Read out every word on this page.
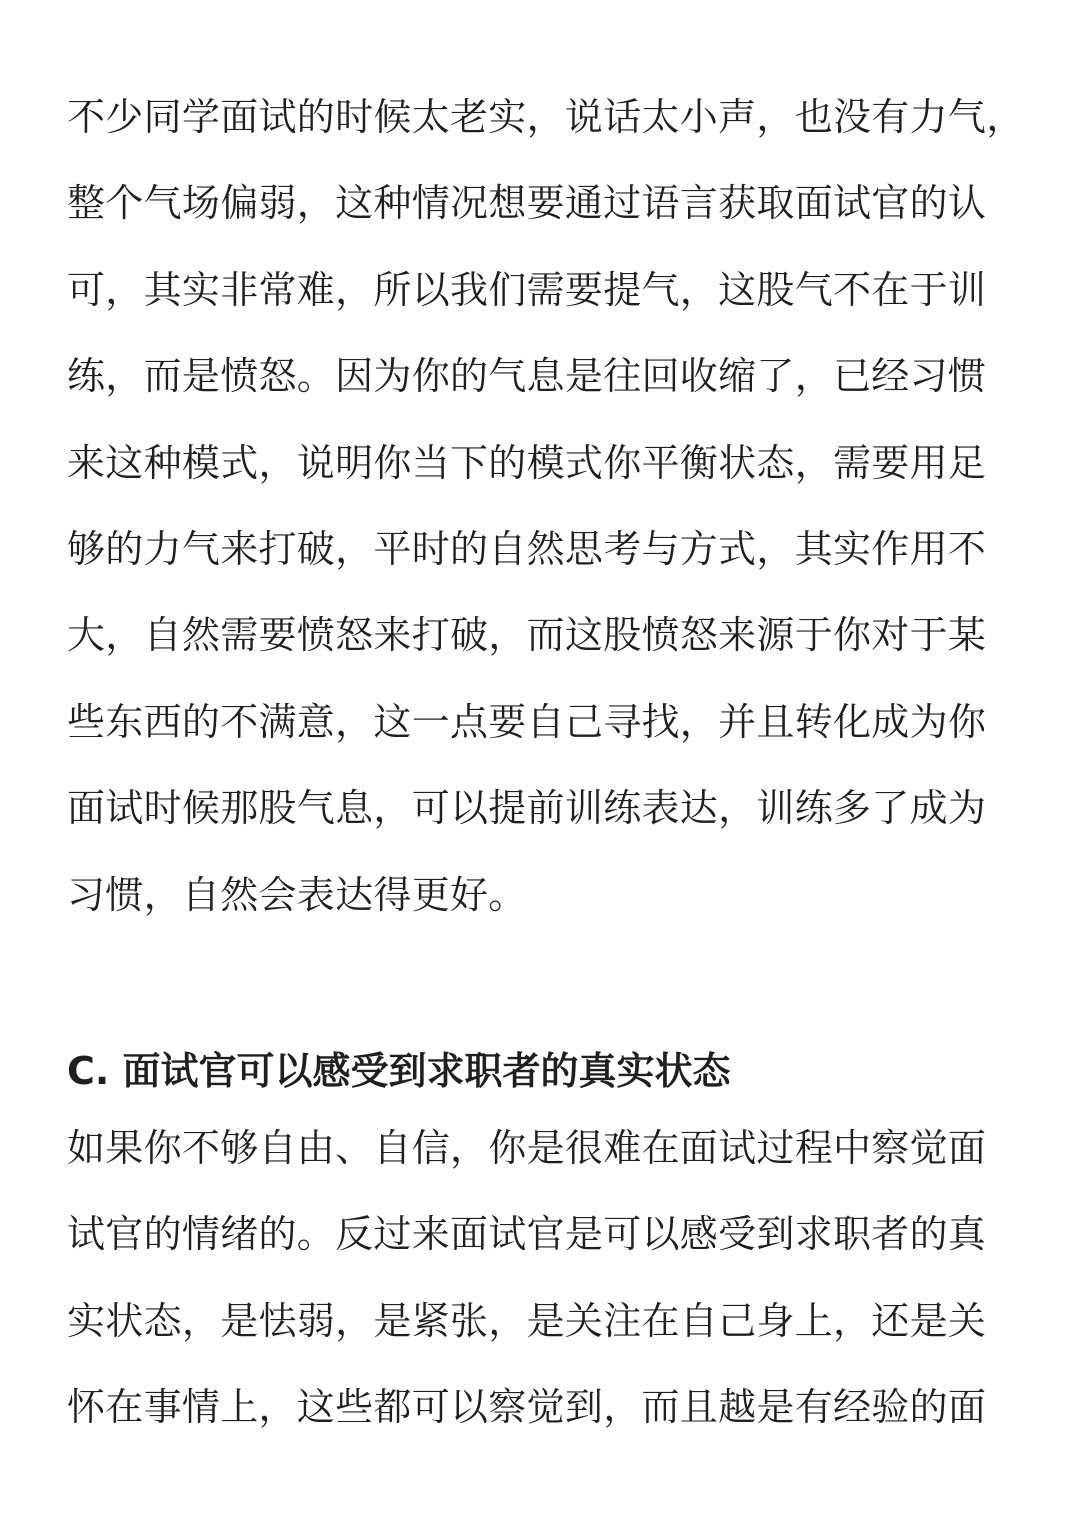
不少同学面试的时候太老实，说话太小声，也没有力气，
整个气场偏弱，这种情况想要通过语言获取面试官的认
可，其实非常难，所以我们需要提气，这股气不在于训
练，而是愤怒。因为你的气息是往回收缩了，已经习惯
来这种模式，说明你当下的模式你平衡状态，需要用足
够的力气来打破，平时的自然思考与方式，其实作用不
大，自然需要愤怒来打破，而这股愤怒来源于你对于某
些东西的不满意，这一点要自己寻找，并且转化成为你
面试时候那股气息，可以提前训练表达，训练多了成为
习惯，自然会表达得更好。

C. 面试官可以感受到求职者的真实状态

如果你不够自由、自信，你是很难在面试过程中察觉面
试官的情绪的。反过来面试官是可以感受到求职者的真
实状态，是怯弱，是紧张，是关注在自己身上，还是关
怀在事情上，这些都可以察觉到，而且越是有经验的面
